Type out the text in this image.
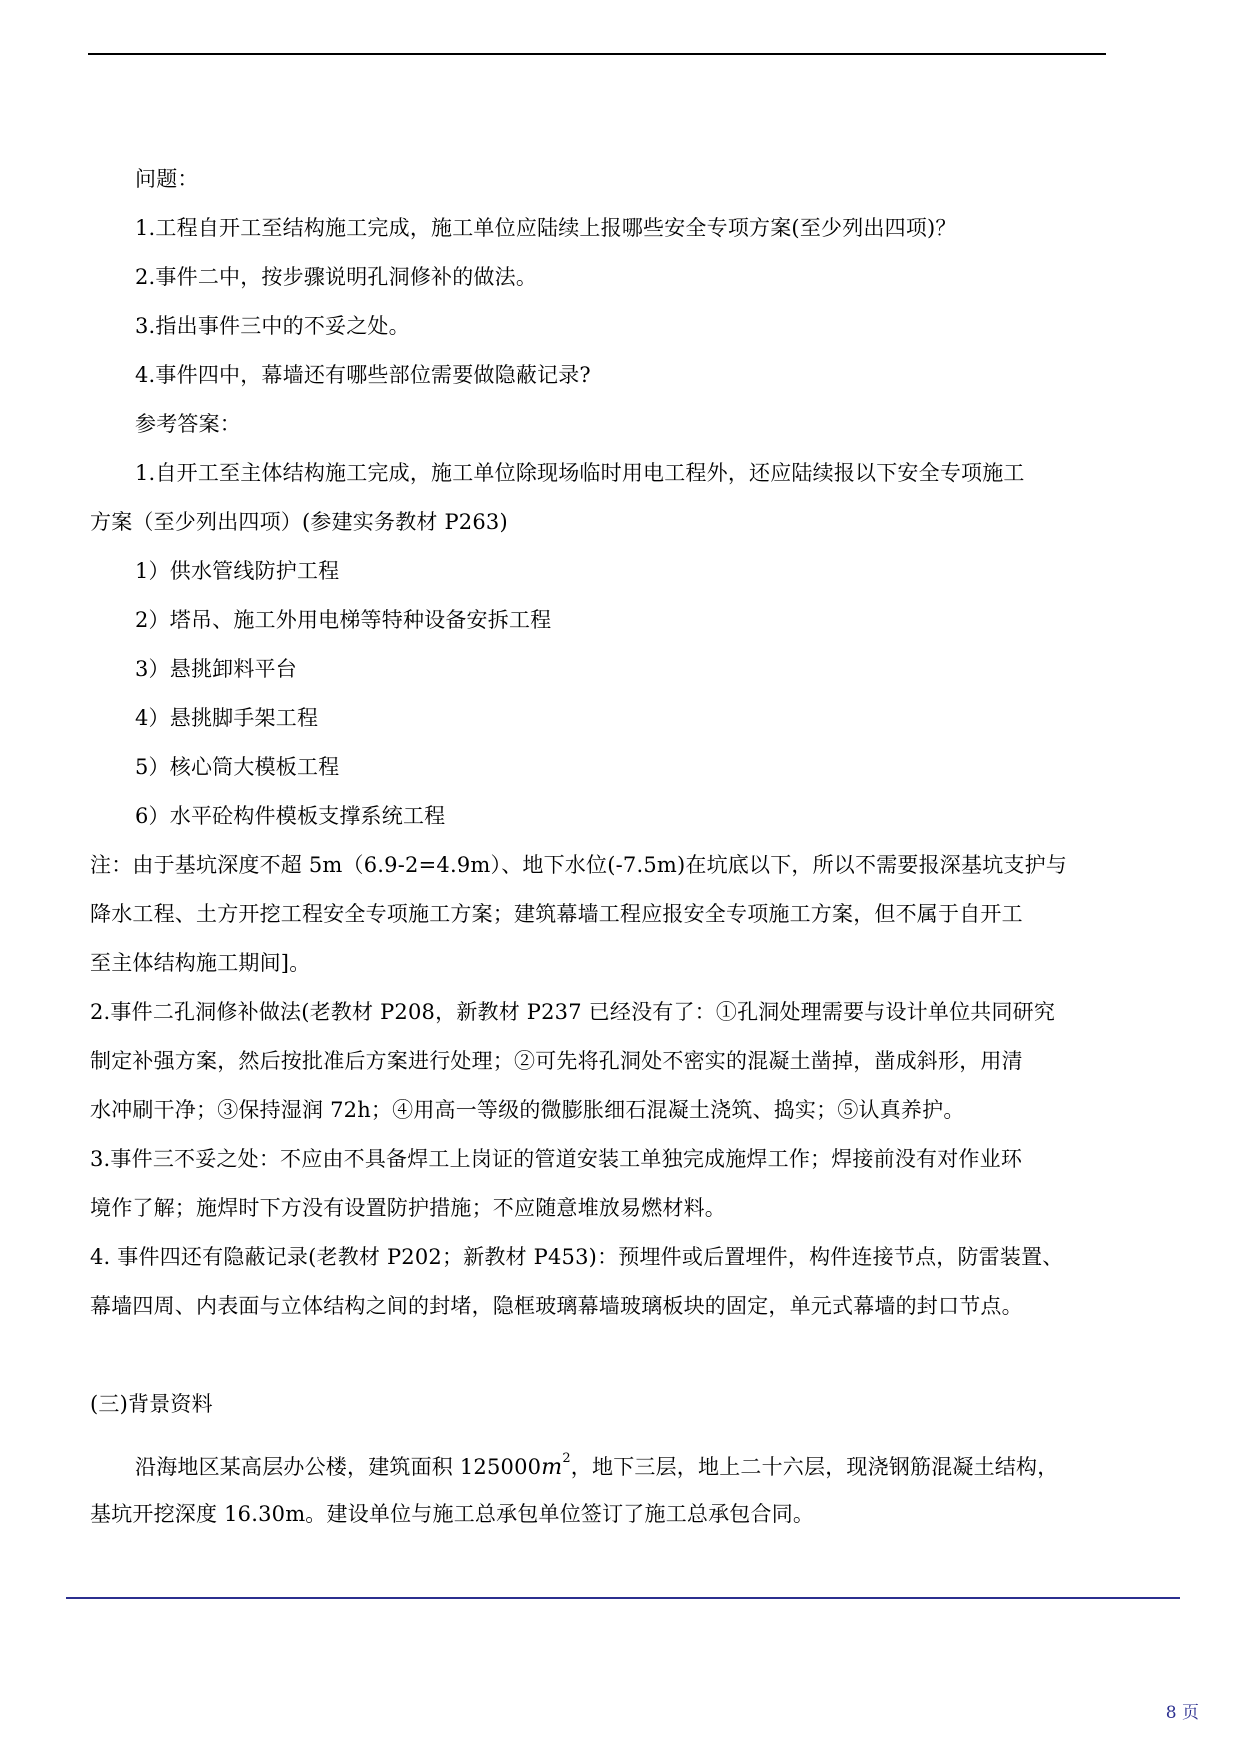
问题：
1.工程自开工至结构施工完成，施工单位应陆续上报哪些安全专项方案(至少列出四项)？
2.事件二中，按步骤说明孔洞修补的做法。
3.指出事件三中的不妥之处。
4.事件四中，幕墙还有哪些部位需要做隐蔽记录?
参考答案：
1.自开工至主体结构施工完成，施工单位除现场临时用电工程外，还应陆续报以下安全专项施工
方案（至少列出四项）(参建实务教材 P263)
1）供水管线防护工程
2）塔吊、施工外用电梯等特种设备安拆工程
3）悬挑卸料平台
4）悬挑脚手架工程
5）核心筒大模板工程
6）水平砼构件模板支撑系统工程
注：由于基坑深度不超 5m（6.9-2=4.9m）、地下水位(-7.5m)在坑底以下，所以不需要报深基坑支护与
降水工程、土方开挖工程安全专项施工方案；建筑幕墙工程应报安全专项施工方案，但不属于自开工
至主体结构施工期间]。
2.事件二孔洞修补做法(老教材 P208，新教材 P237 已经没有了：①孔洞处理需要与设计单位共同研究
制定补强方案，然后按批准后方案进行处理；②可先将孔洞处不密实的混凝土凿掉，凿成斜形，用清
水冲刷干净；③保持湿润 72h；④用高一等级的微膨胀细石混凝土浇筑、捣实；⑤认真养护。
3.事件三不妥之处：不应由不具备焊工上岗证的管道安装工单独完成施焊工作；焊接前没有对作业环
境作了解；施焊时下方没有设置防护措施；不应随意堆放易燃材料。
4. 事件四还有隐蔽记录(老教材 P202；新教材 P453)：预埋件或后置埋件，构件连接节点，防雷装置、
幕墙四周、内表面与立体结构之间的封堵，隐框玻璃幕墙玻璃板块的固定，单元式幕墙的封口节点。
(三)背景资料
沿海地区某高层办公楼，建筑面积 $125000m^2$，地下三层，地上二十六层，现浇钢筋混凝土结构，
基坑开挖深度 16.30m。建设单位与施工总承包单位签订了施工总承包合同。
8 页
